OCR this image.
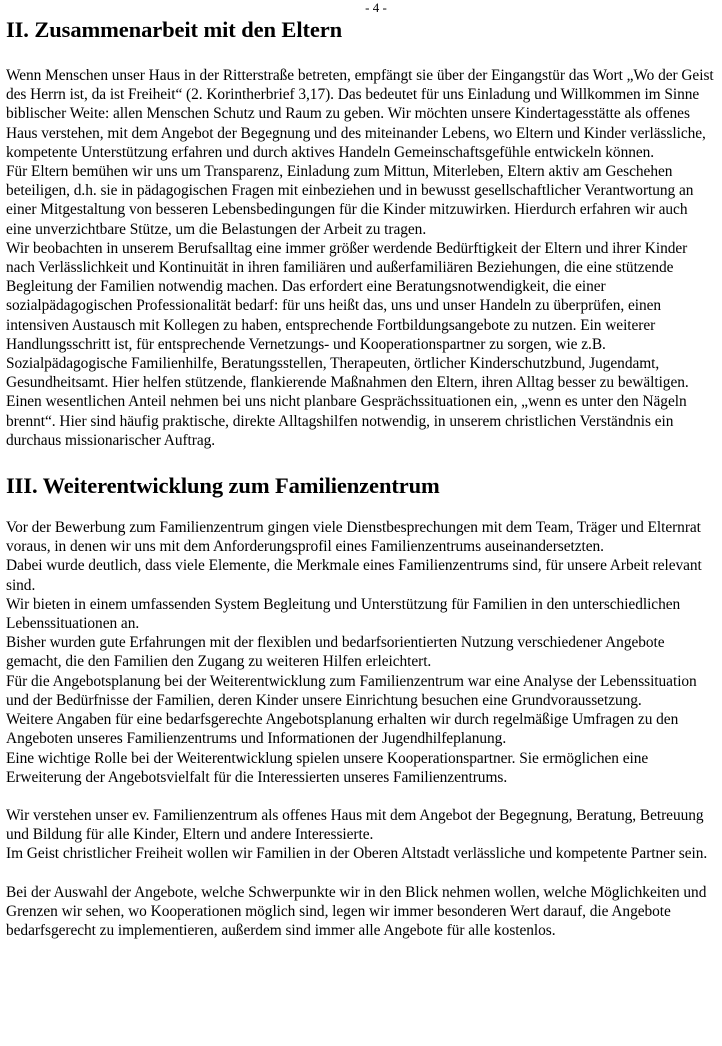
- 4 -
II. Zusammenarbeit mit den Eltern

Wenn Menschen unser Haus in der Ritterstraße betreten, empfängt sie über der Eingangstür das Wort „Wo der Geist des Herrn ist, da ist Freiheit“ (2. Korintherbrief 3,17). Das bedeutet für uns Einladung und Willkommen im Sinne biblischer Weite: allen Menschen Schutz und Raum zu geben. Wir möchten unsere Kindertagesstätte als offenes Haus verstehen, mit dem Angebot der Begegnung und des miteinander Lebens, wo Eltern und Kinder verlässliche, kompetente Unterstützung erfahren und durch aktives Handeln Gemeinschaftsgefühle entwickeln können.

Für Eltern bemühen wir uns um Transparenz, Einladung zum Mittun, Miterleben, Eltern aktiv am Geschehen beteiligen, d.h. sie in pädagogischen Fragen mit einbeziehen und in bewusst gesellschaftlicher Verantwortung an einer Mitgestaltung von besseren Lebensbedingungen für die Kinder mitzuwirken. Hierdurch erfahren wir auch eine unverzichtbare Stütze, um die Belastungen der Arbeit zu tragen.

Wir beobachten in unserem Berufsalltag eine immer größer werdende Bedürftigkeit der Eltern und ihrer Kinder nach Verlässlichkeit und Kontinuität in ihren familiären und außerfamiliären Beziehungen, die eine stützende Begleitung der Familien notwendig machen. Das erfordert eine Beratungsnotwendigkeit, die einer sozialpädagogischen Professionalität bedarf: für uns heißt das, uns und unser Handeln zu überprüfen, einen intensiven Austausch mit Kollegen zu haben, entsprechende Fortbildungsangebote zu nutzen. Ein weiterer Handlungsschritt ist, für entsprechende Vernetzungs- und Kooperationspartner zu sorgen, wie z.B. Sozialpädagogische Familienhilfe, Beratungsstellen, Therapeuten, örtlicher Kinderschutzbund, Jugendamt, Gesundheitsamt. Hier helfen stützende, flankierende Maßnahmen den Eltern, ihren Alltag besser zu bewältigen.

Einen wesentlichen Anteil nehmen bei uns nicht planbare Gesprächssituationen ein, „wenn es unter den Nägeln brennt“. Hier sind häufig praktische, direkte Alltagshilfen notwendig, in unserem christlichen Verständnis ein durchaus missionarischer Auftrag.

III. Weiterentwicklung zum Familienzentrum

Vor der Bewerbung zum Familienzentrum gingen viele Dienstbesprechungen mit dem Team, Träger und Elternrat voraus, in denen wir uns mit dem Anforderungsprofil eines Familienzentrums auseinandersetzten.

Dabei wurde deutlich, dass viele Elemente, die Merkmale eines Familienzentrums sind, für unsere Arbeit relevant sind.

Wir bieten in einem umfassenden System Begleitung und Unterstützung für Familien in den unterschiedlichen Lebenssituationen an.

Bisher wurden gute Erfahrungen mit der flexiblen und bedarfsorientierten Nutzung verschiedener Angebote gemacht, die den Familien den Zugang zu weiteren Hilfen erleichtert.

Für die Angebotsplanung bei der Weiterentwicklung zum Familienzentrum war eine Analyse der Lebenssituation und der Bedürfnisse der Familien, deren Kinder unsere Einrichtung besuchen eine Grundvoraussetzung.

Weitere Angaben für eine bedarfsgerechte Angebotsplanung erhalten wir durch regelmäßige Umfragen zu den Angeboten unseres Familienzentrums und Informationen der Jugendhilfeplanung.

Eine wichtige Rolle bei der Weiterentwicklung spielen unsere Kooperationspartner. Sie ermöglichen eine Erweiterung der Angebotsvielfalt für die Interessierten unseres Familienzentrums.

Wir verstehen unser ev. Familienzentrum als offenes Haus mit dem Angebot der Begegnung, Beratung, Betreuung und Bildung für alle Kinder, Eltern und andere Interessierte.

Im Geist christlicher Freiheit wollen wir Familien in der Oberen Altstadt verlässliche und kompetente Partner sein.

Bei der Auswahl der Angebote, welche Schwerpunkte wir in den Blick nehmen wollen, welche Möglichkeiten und Grenzen wir sehen, wo Kooperationen möglich sind, legen wir immer besonderen Wert darauf, die Angebote bedarfsgerecht zu implementieren, außerdem sind immer alle Angebote für alle kostenlos.
